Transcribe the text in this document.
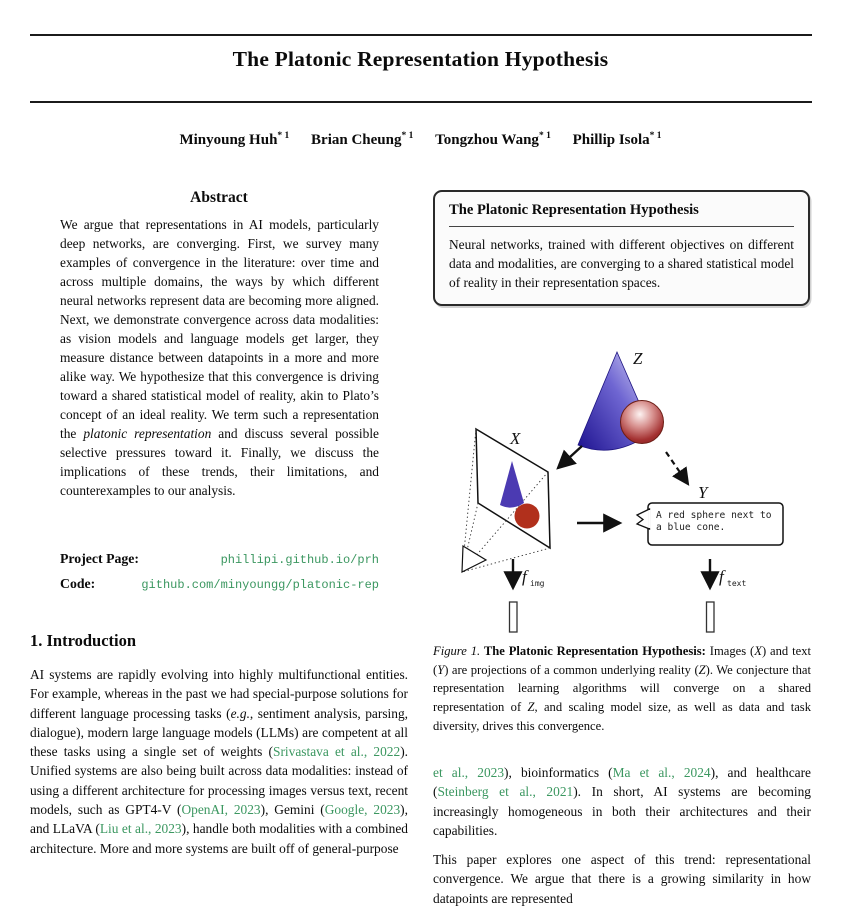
The Platonic Representation Hypothesis
Minyoung Huh$^{* 1}$ Brian Cheung$^{* 1}$ Tongzhou Wang$^{* 1}$ Phillip Isola$^{* 1}$
Abstract
We argue that representations in AI models, particularly deep networks, are converging. First, we survey many examples of convergence in the literature: over time and across multiple domains, the ways by which different neural networks represent data are becoming more aligned. Next, we demonstrate convergence across data modalities: as vision models and language models get larger, they measure distance between datapoints in a more and more alike way. We hypothesize that this convergence is driving toward a shared statistical model of reality, akin to Plato’s concept of an ideal reality. We term such a representation the platonic representation and discuss several possible selective pressures toward it. Finally, we discuss the implications of these trends, their limitations, and counterexamples to our analysis.
Project Page:	phillipi.github.io/prh
Code:	github.com/minyoungg/platonic-rep
1. Introduction
AI systems are rapidly evolving into highly multifunctional entities. For example, whereas in the past we had special-purpose solutions for different language processing tasks (e.g., sentiment analysis, parsing, dialogue), modern large language models (LLMs) are competent at all these tasks using a single set of weights (Srivastava et al., 2022). Unified systems are also being built across data modalities: instead of using a different architecture for processing images versus text, recent models, such as GPT4-V (OpenAI, 2023), Gemini (Google, 2023), and LLaVA (Liu et al., 2023), handle both modalities with a combined architecture. More and more systems are built off of general-purpose
The Platonic Representation Hypothesis
Neural networks, trained with different objectives on different data and modalities, are converging to a shared statistical model of reality in their representation spaces.
Z
Y
X
A red sphere next to
a blue cone.
f img	f text
Figure 1. The Platonic Representation Hypothesis: Images (X) and text (Y) are projections of a common underlying reality (Z). We conjecture that representation learning algorithms will converge on a shared representation of Z, and scaling model size, as well as data and task diversity, drives this convergence.

et al., 2023), bioinformatics (Ma et al., 2024), and healthcare (Steinberg et al., 2021). In short, AI systems are becoming increasingly homogeneous in both their architectures and their capabilities.

This paper explores one aspect of this trend: representational convergence. We argue that there is a growing similarity in how datapoints are represented
